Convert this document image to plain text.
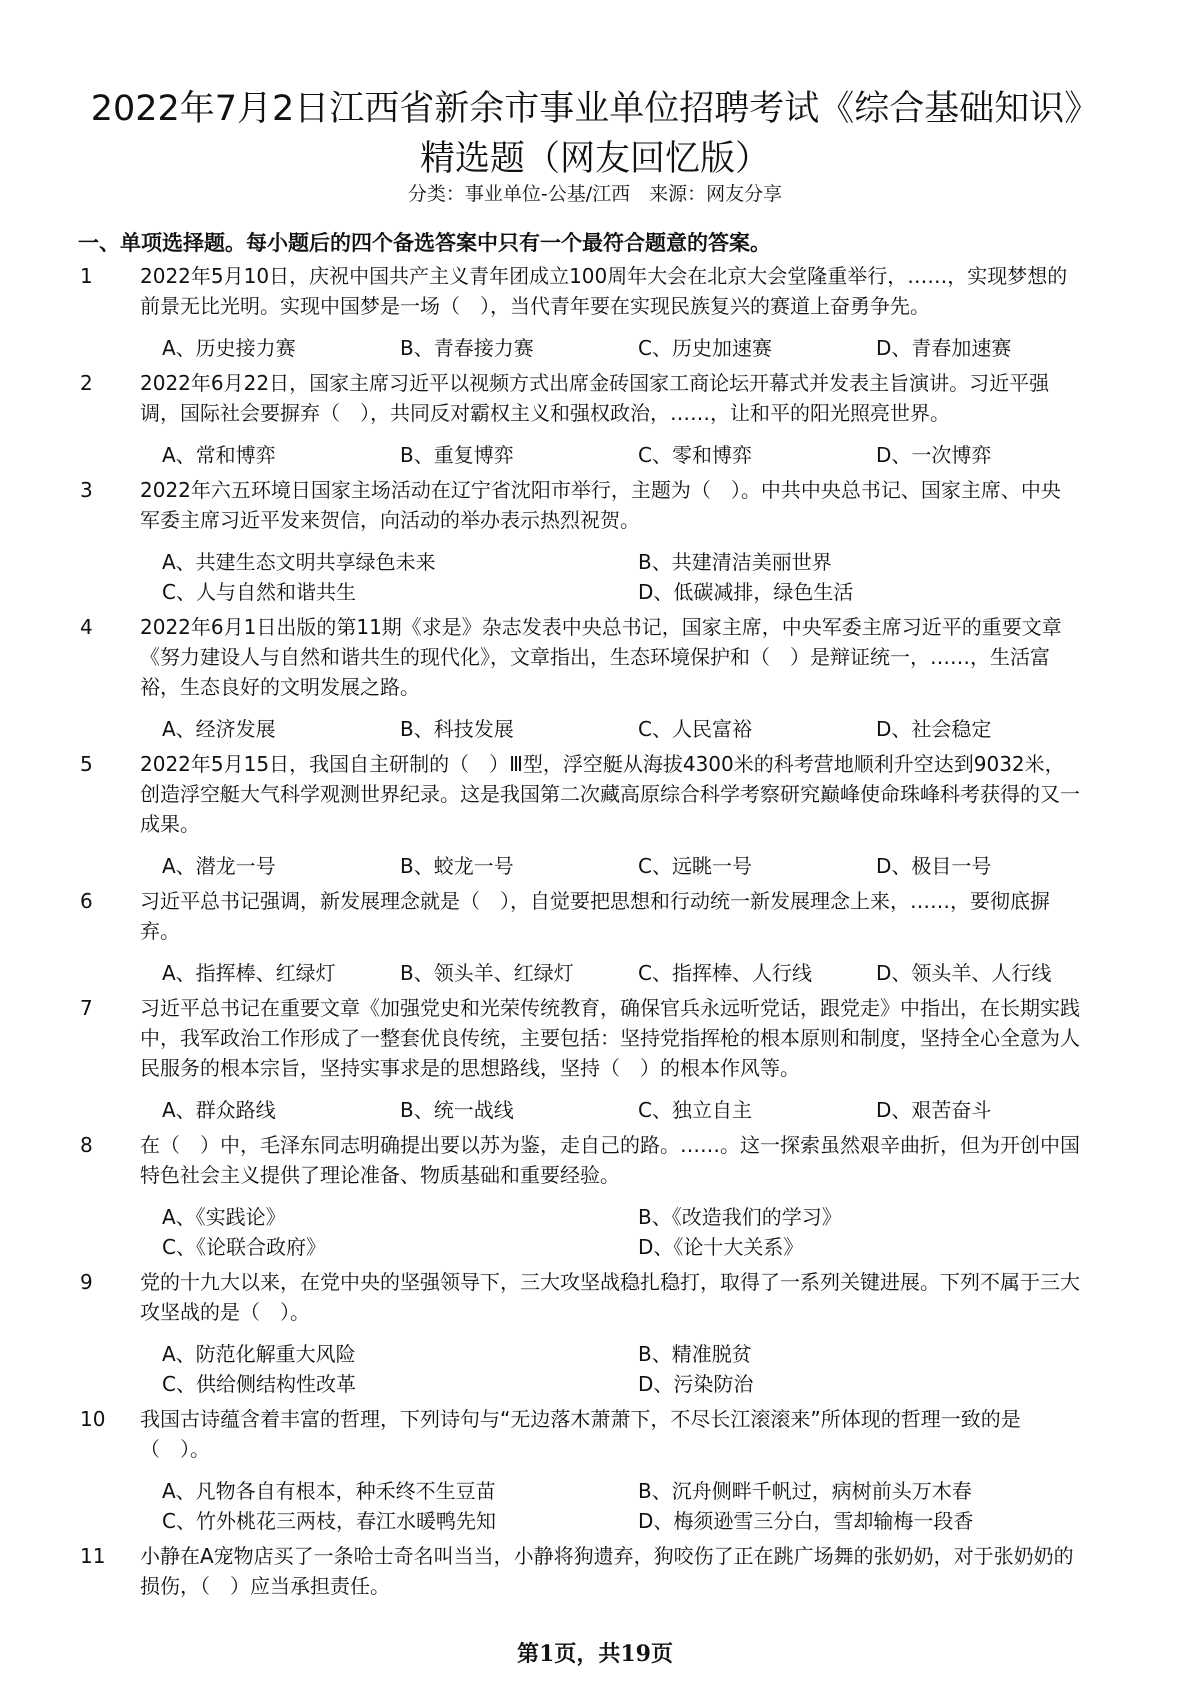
2022年7月2日江西省新余市事业单位招聘考试《综合基础知识》
精选题（网友回忆版）
分类：事业单位-公基/江西　来源：网友分享
一、单项选择题。每小题后的四个备选答案中只有一个最符合题意的答案。
1 2022年5月10日，庆祝中国共产主义青年团成立100周年大会在北京大会堂隆重举行，……，实现梦想的前景无比光明。实现中国梦是一场（　），当代青年要在实现民族复兴的赛道上奋勇争先。
A、历史接力赛	B、青春接力赛	C、历史加速赛	D、青春加速赛
2 2022年6月22日，国家主席习近平以视频方式出席金砖国家工商论坛开幕式并发表主旨演讲。习近平强调，国际社会要摒弃（　），共同反对霸权主义和强权政治，……，让和平的阳光照亮世界。
A、常和博弈	B、重复博弈	C、零和博弈	D、一次博弈
3 2022年六五环境日国家主场活动在辽宁省沈阳市举行，主题为（　）。中共中央总书记、国家主席、中央军委主席习近平发来贺信，向活动的举办表示热烈祝贺。
A、共建生态文明共享绿色未来	B、共建清洁美丽世界
C、人与自然和谐共生	D、低碳减排，绿色生活
4 2022年6月1日出版的第11期《求是》杂志发表中央总书记，国家主席，中央军委主席习近平的重要文章《努力建设人与自然和谐共生的现代化》，文章指出，生态环境保护和（　）是辩证统一，……，生活富裕，生态良好的文明发展之路。
A、经济发展	B、科技发展	C、人民富裕	D、社会稳定
5 2022年5月15日，我国自主研制的（　）Ⅲ型，浮空艇从海拔4300米的科考营地顺利升空达到9032米，创造浮空艇大气科学观测世界纪录。这是我国第二次藏高原综合科学考察研究巅峰使命珠峰科考获得的又一成果。
A、潜龙一号	B、蛟龙一号	C、远眺一号	D、极目一号
6 习近平总书记强调，新发展理念就是（　），自觉要把思想和行动统一新发展理念上来，……，要彻底摒弃。
A、指挥棒、红绿灯	B、领头羊、红绿灯	C、指挥棒、人行线	D、领头羊、人行线
7 习近平总书记在重要文章《加强党史和光荣传统教育，确保官兵永远听党话，跟党走》中指出，在长期实践中，我军政治工作形成了一整套优良传统，主要包括：坚持党指挥枪的根本原则和制度，坚持全心全意为人民服务的根本宗旨，坚持实事求是的思想路线，坚持（　）的根本作风等。
A、群众路线	B、统一战线	C、独立自主	D、艰苦奋斗
8 在（　）中，毛泽东同志明确提出要以苏为鉴，走自己的路。……。这一探索虽然艰辛曲折，但为开创中国特色社会主义提供了理论准备、物质基础和重要经验。
A、《实践论》	B、《改造我们的学习》
C、《论联合政府》	D、《论十大关系》
9 党的十九大以来，在党中央的坚强领导下，三大攻坚战稳扎稳打，取得了一系列关键进展。下列不属于三大攻坚战的是（　）。
A、防范化解重大风险	B、精准脱贫
C、供给侧结构性改革	D、污染防治
10 我国古诗蕴含着丰富的哲理，下列诗句与“无边落木萧萧下，不尽长江滚滚来”所体现的哲理一致的是（　）。
A、凡物各自有根本，种禾终不生豆苗	B、沉舟侧畔千帆过，病树前头万木春
C、竹外桃花三两枝，春江水暖鸭先知	D、梅须逊雪三分白，雪却输梅一段香
11 小静在A宠物店买了一条哈士奇名叫当当，小静将狗遗弃，狗咬伤了正在跳广场舞的张奶奶，对于张奶奶的损伤，（　）应当承担责任。
第1页，共19页
